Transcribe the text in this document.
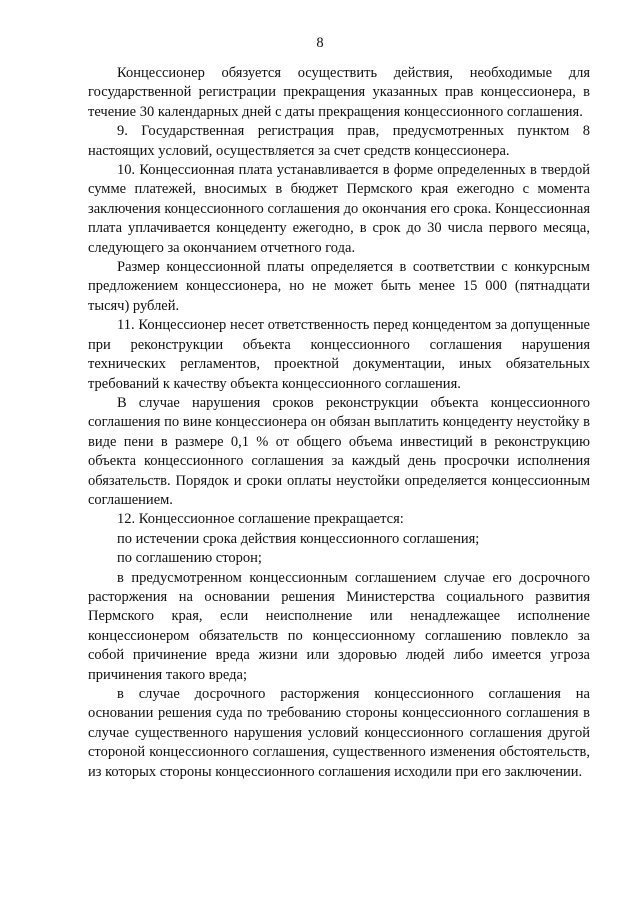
8

Концессионер обязуется осуществить действия, необходимые для государственной регистрации прекращения указанных прав концессионера, в течение 30 календарных дней с даты прекращения концессионного соглашения.

9. Государственная регистрация прав, предусмотренных пунктом 8 настоящих условий, осуществляется за счет средств концессионера.

10. Концессионная плата устанавливается в форме определенных в твердой сумме платежей, вносимых в бюджет Пермского края ежегодно с момента заключения концессионного соглашения до окончания его срока. Концессионная плата уплачивается концеденту ежегодно, в срок до 30 числа первого месяца, следующего за окончанием отчетного года.

Размер концессионной платы определяется в соответствии с конкурсным предложением концессионера, но не может быть менее 15 000 (пятнадцати тысяч) рублей.

11. Концессионер несет ответственность перед концедентом за допущенные при реконструкции объекта концессионного соглашения нарушения технических регламентов, проектной документации, иных обязательных требований к качеству объекта концессионного соглашения.

В случае нарушения сроков реконструкции объекта концессионного соглашения по вине концессионера он обязан выплатить концеденту неустойку в виде пени в размере 0,1 % от общего объема инвестиций в реконструкцию объекта концессионного соглашения за каждый день просрочки исполнения обязательств. Порядок и сроки оплаты неустойки определяется концессионным соглашением.

12. Концессионное соглашение прекращается:

по истечении срока действия концессионного соглашения;

по соглашению сторон;

в предусмотренном концессионным соглашением случае его досрочного расторжения на основании решения Министерства социального развития Пермского края, если неисполнение или ненадлежащее исполнение концессионером обязательств по концессионному соглашению повлекло за собой причинение вреда жизни или здоровью людей либо имеется угроза причинения такого вреда;

в случае досрочного расторжения концессионного соглашения на основании решения суда по требованию стороны концессионного соглашения в случае существенного нарушения условий концессионного соглашения другой стороной концессионного соглашения, существенного изменения обстоятельств, из которых стороны концессионного соглашения исходили при его заключении.
